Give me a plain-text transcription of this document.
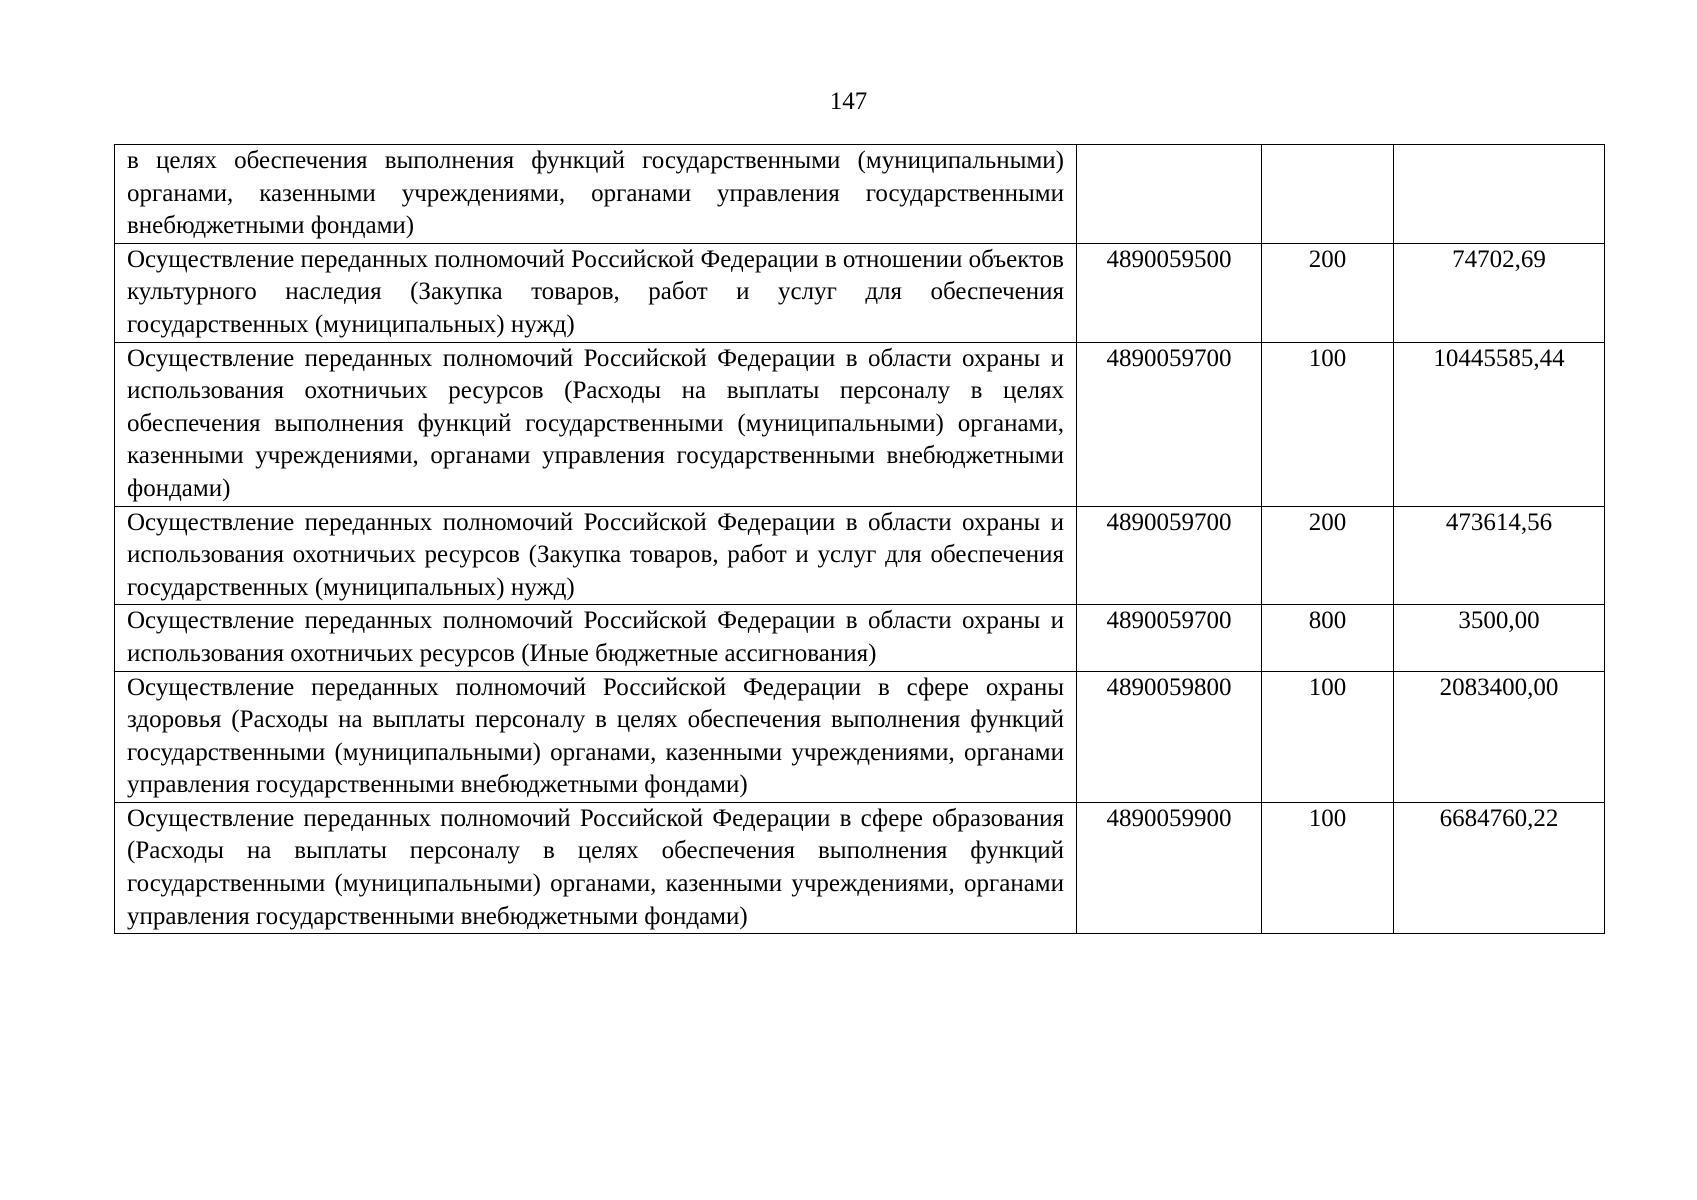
147
в целях обеспечения выполнения функций государственными (муниципальными) органами, казенными учреждениями, органами управления государственными внебюджетными фондами)			
Осуществление переданных полномочий Российской Федерации в отношении объектов культурного наследия (Закупка товаров, работ и услуг для обеспечения государственных (муниципальных) нужд)	4890059500	200	74702,69
Осуществление переданных полномочий Российской Федерации в области охраны и использования охотничьих ресурсов (Расходы на выплаты персоналу в целях обеспечения выполнения функций государственными (муниципальными) органами, казенными учреждениями, органами управления государственными внебюджетными фондами)	4890059700	100	10445585,44
Осуществление переданных полномочий Российской Федерации в области охраны и использования охотничьих ресурсов (Закупка товаров, работ и услуг для обеспечения государственных (муниципальных) нужд)	4890059700	200	473614,56
Осуществление переданных полномочий Российской Федерации в области охраны и использования охотничьих ресурсов (Иные бюджетные ассигнования)	4890059700	800	3500,00
Осуществление переданных полномочий Российской Федерации в сфере охраны здоровья (Расходы на выплаты персоналу в целях обеспечения выполнения функций государственными (муниципальными) органами, казенными учреждениями, органами управления государственными внебюджетными фондами)	4890059800	100	2083400,00
Осуществление переданных полномочий Российской Федерации в сфере образования (Расходы на выплаты персоналу в целях обеспечения выполнения функций государственными (муниципальными) органами, казенными учреждениями, органами управления государственными внебюджетными фондами)	4890059900	100	6684760,22
